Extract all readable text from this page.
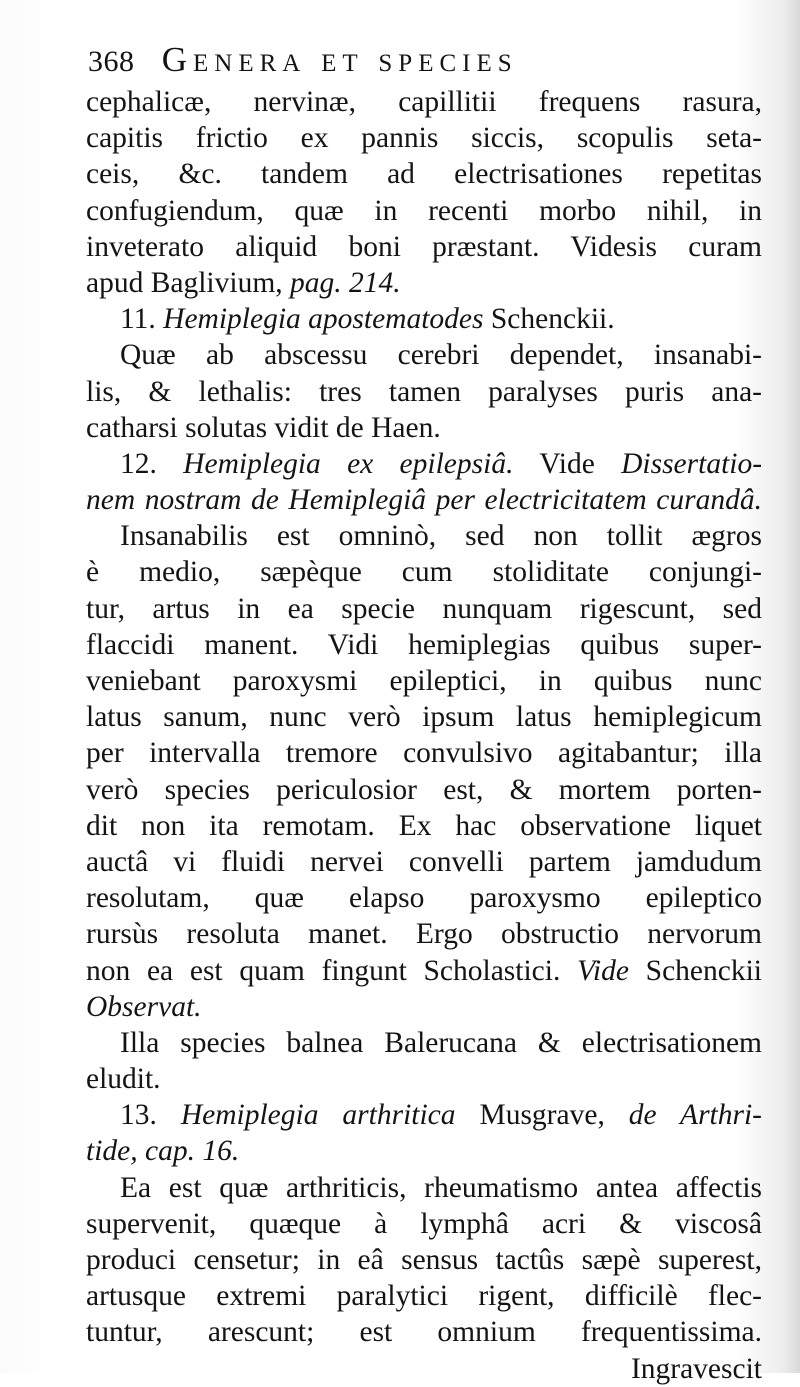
368 Genera et species
cephalicæ, nervinæ, capillitii frequens rasura,
capitis frictio ex pannis siccis, scopulis seta-
ceis, &c. tandem ad electrisationes repetitas
confugiendum, quæ in recenti morbo nihil, in
inveterato aliquid boni præstant. Videsis curam
apud Baglivium, pag. 214.
11. Hemiplegia apostematodes Schenckii.
Quæ ab abscessu cerebri dependet, insanabi-
lis, & lethalis: tres tamen paralyses puris ana-
catharsi solutas vidit de Haen.
12. Hemiplegia ex epilepsiâ. Vide Dissertatio-
nem nostram de Hemiplegiâ per electricitatem curandâ.
Insanabilis est omninò, sed non tollit ægros
è medio, sæpèque cum stoliditate conjungi-
tur, artus in ea specie nunquam rigescunt, sed
flaccidi manent. Vidi hemiplegias quibus super-
veniebant paroxysmi epileptici, in quibus nunc
latus sanum, nunc verò ipsum latus hemiplegicum
per intervalla tremore convulsivo agitabantur; illa
verò species periculosior est, & mortem porten-
dit non ita remotam. Ex hac observatione liquet
auctâ vi fluidi nervei convelli partem jamdudum
resolutam, quæ elapso paroxysmo epileptico
rursùs resoluta manet. Ergo obstructio nervorum
non ea est quam fingunt Scholastici. Vide Schenckii
Observat.
Illa species balnea Balerucana & electrisationem
eludit.
13. Hemiplegia arthritica Musgrave, de Arthri-
tide, cap. 16.
Ea est quæ arthriticis, rheumatismo antea affectis
supervenit, quæque à lymphâ acri & viscosâ
produci censetur; in eâ sensus tactûs sæpè superest,
artusque extremi paralytici rigent, difficilè flec-
tuntur, arescunt; est omnium frequentissima.
Ingravescit
